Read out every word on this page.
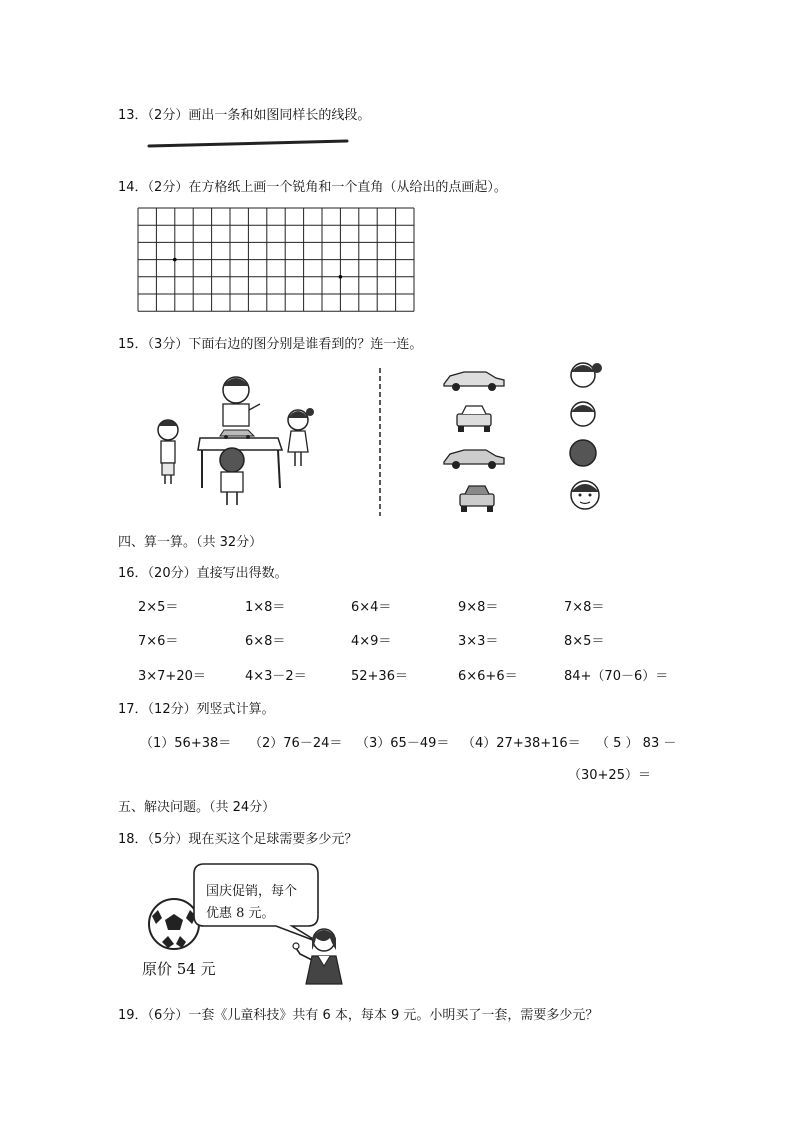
13．（2分）画出一条和如图同样长的线段。
14．（2分）在方格纸上画一个锐角和一个直角（从给出的点画起）。
15．（3分）下面右边的图分别是谁看到的？连一连。
四、算一算。（共 32分）
16．（20分）直接写出得数。
2×5＝	1×8＝	6×4＝	9×8＝	7×8＝
7×6＝	6×8＝	4×9＝	3×3＝	8×5＝
3×7+20＝	4×3－2＝	52+36＝	6×6+6＝	84+（70－6）＝
17．（12分）列竖式计算。
（1）56+38＝ （2）76－24＝ （3）65－49＝ （4）27+38+16＝ （ 5 ） 83 －
（30+25）＝
五、解决问题。（共 24分）
18．（5分）现在买这个足球需要多少元？
原价 54 元
国庆促销，每个
优惠 8 元。
19．（6分）一套《儿童科技》共有 6 本，每本 9 元。小明买了一套，需要多少元？
